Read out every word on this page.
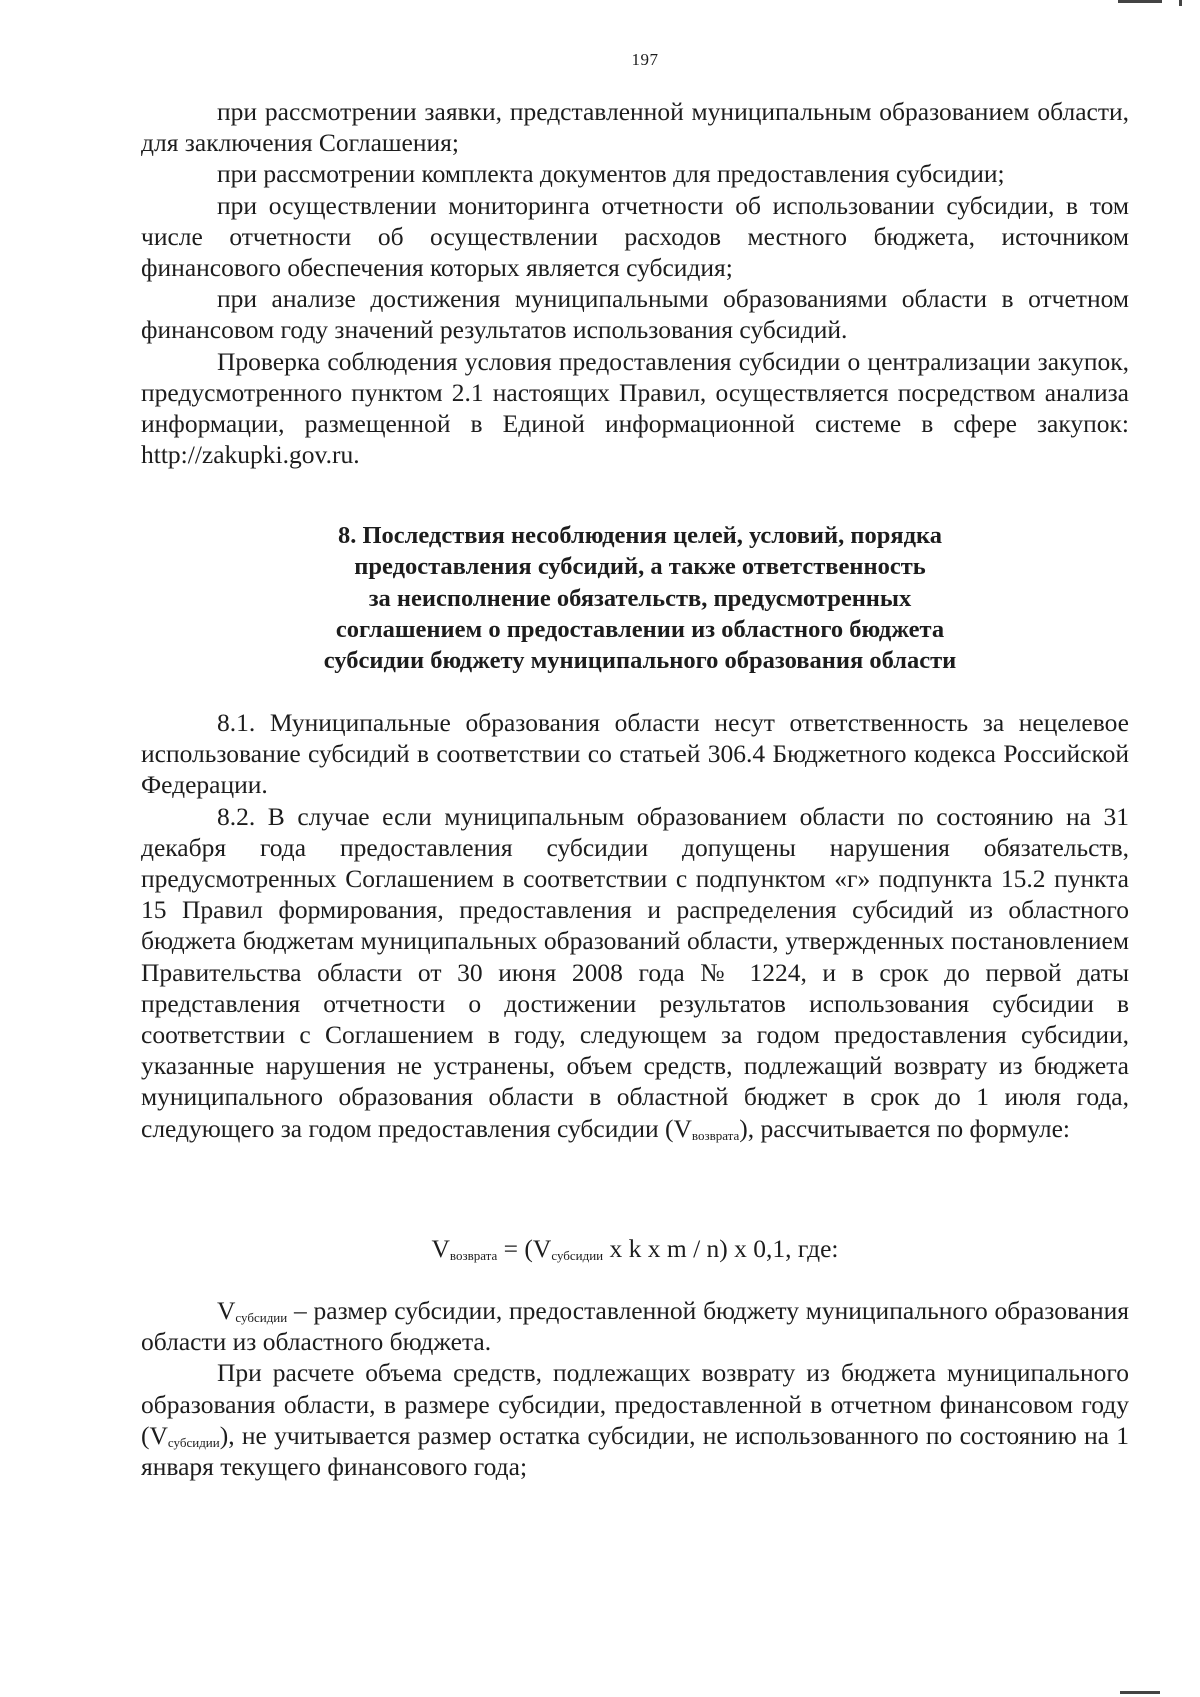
197

при рассмотрении заявки, представленной муниципальным образованием области, для заключения Соглашения;

при рассмотрении комплекта документов для предоставления субсидии;

при осуществлении мониторинга отчетности об использовании субсидии, в том числе отчетности об осуществлении расходов местного бюджета, источником финансового обеспечения которых является субсидия;

при анализе достижения муниципальными образованиями области в отчетном финансовом году значений результатов использования субсидий.

Проверка соблюдения условия предоставления субсидии о централизации закупок, предусмотренного пунктом 2.1 настоящих Правил, осуществляется посредством анализа информации, размещенной в Единой информационной системе в сфере закупок: http://zakupki.gov.ru.

8. Последствия несоблюдения целей, условий, порядка
предоставления субсидий, а также ответственность
за неисполнение обязательств, предусмотренных
соглашением о предоставлении из областного бюджета
субсидии бюджету муниципального образования области

8.1. Муниципальные образования области несут ответственность за нецелевое использование субсидий в соответствии со статьей 306.4 Бюджетного кодекса Российской Федерации.

8.2. В случае если муниципальным образованием области по состоянию на 31 декабря года предоставления субсидии допущены нарушения обязательств, предусмотренных Соглашением в соответствии с подпунктом «г» подпункта 15.2 пункта 15 Правил формирования, предоставления и распределения субсидий из областного бюджета бюджетам муниципальных образований области, утвержденных постановлением Правительства области от 30 июня 2008 года № 1224, и в срок до первой даты представления отчетности о достижении результатов использования субсидии в соответствии с Соглашением в году, следующем за годом предоставления субсидии, указанные нарушения не устранены, объем средств, подлежащий возврату из бюджета муниципального образования области в областной бюджет в срок до 1 июля года, следующего за годом предоставления субсидии $(V_{возврата})$, рассчитывается по формуле:

$V_{возврата} = (V_{субсидии}$ x k x m / n) x 0,1, где:

$V_{субсидии}$ – размер субсидии, предоставленной бюджету муниципального образования области из областного бюджета.

При расчете объема средств, подлежащих возврату из бюджета муниципального образования области, в размере субсидии, предоставленной в отчетном финансовом году $(V_{субсидии})$, не учитывается размер остатка субсидии, не использованного по состоянию на 1 января текущего финансового года;
